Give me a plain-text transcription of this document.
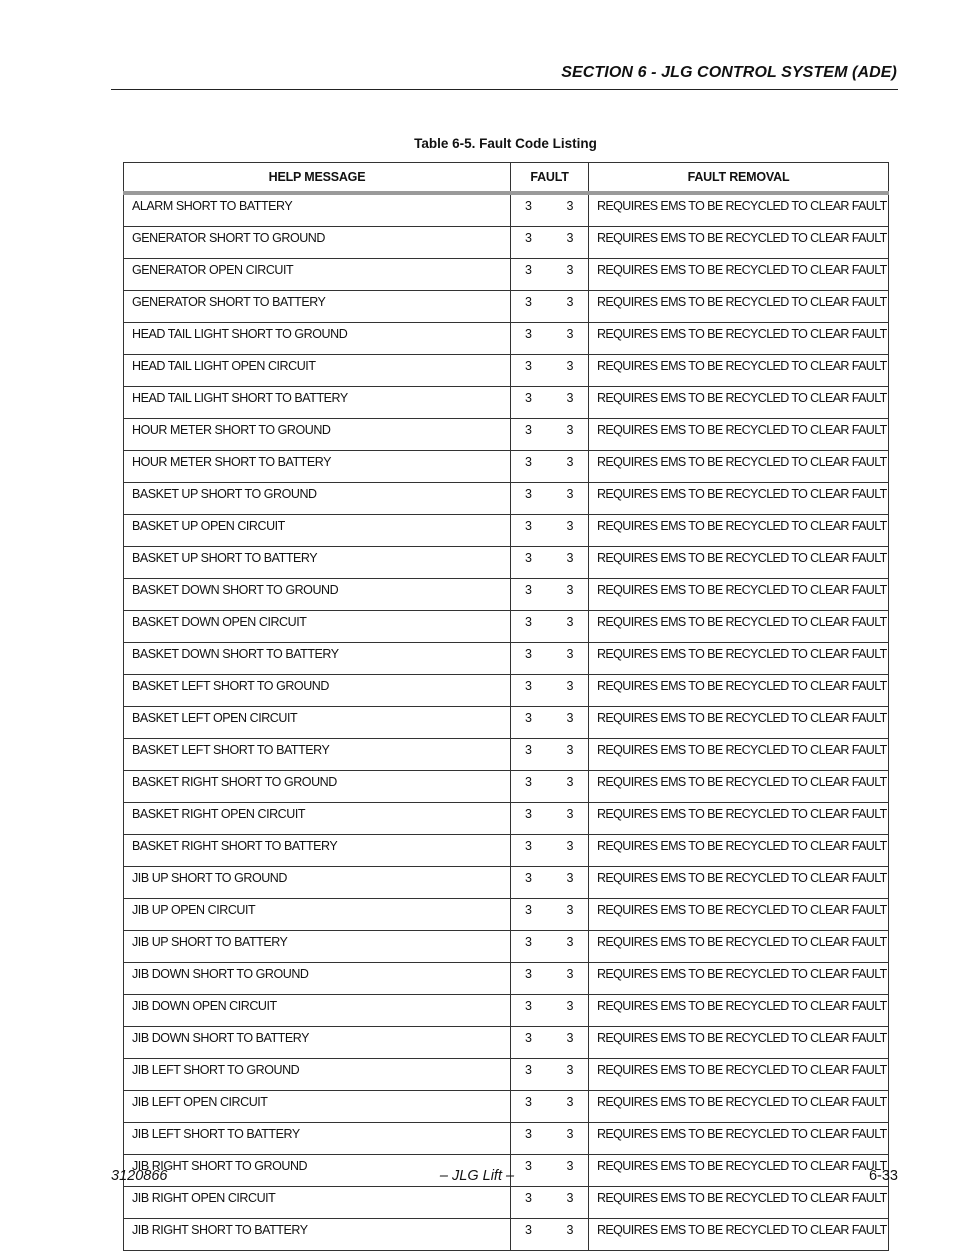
SECTION 6 - JLG CONTROL SYSTEM (ADE)
Table 6-5. Fault Code Listing
HELP MESSAGE	FAULT	FAULT REMOVAL
ALARM SHORT TO BATTERY	3 3	REQUIRES EMS TO BE RECYCLED TO CLEAR FAULT
GENERATOR SHORT TO GROUND	3 3	REQUIRES EMS TO BE RECYCLED TO CLEAR FAULT
GENERATOR OPEN CIRCUIT	3 3	REQUIRES EMS TO BE RECYCLED TO CLEAR FAULT
GENERATOR SHORT TO BATTERY	3 3	REQUIRES EMS TO BE RECYCLED TO CLEAR FAULT
HEAD TAIL LIGHT SHORT TO GROUND	3 3	REQUIRES EMS TO BE RECYCLED TO CLEAR FAULT
HEAD TAIL LIGHT OPEN CIRCUIT	3 3	REQUIRES EMS TO BE RECYCLED TO CLEAR FAULT
HEAD TAIL LIGHT SHORT TO BATTERY	3 3	REQUIRES EMS TO BE RECYCLED TO CLEAR FAULT
HOUR METER SHORT TO GROUND	3 3	REQUIRES EMS TO BE RECYCLED TO CLEAR FAULT
HOUR METER SHORT TO BATTERY	3 3	REQUIRES EMS TO BE RECYCLED TO CLEAR FAULT
BASKET UP SHORT TO GROUND	3 3	REQUIRES EMS TO BE RECYCLED TO CLEAR FAULT
BASKET UP OPEN CIRCUIT	3 3	REQUIRES EMS TO BE RECYCLED TO CLEAR FAULT
BASKET UP SHORT TO BATTERY	3 3	REQUIRES EMS TO BE RECYCLED TO CLEAR FAULT
BASKET DOWN SHORT TO GROUND	3 3	REQUIRES EMS TO BE RECYCLED TO CLEAR FAULT
BASKET DOWN OPEN CIRCUIT	3 3	REQUIRES EMS TO BE RECYCLED TO CLEAR FAULT
BASKET DOWN SHORT TO BATTERY	3 3	REQUIRES EMS TO BE RECYCLED TO CLEAR FAULT
BASKET LEFT SHORT TO GROUND	3 3	REQUIRES EMS TO BE RECYCLED TO CLEAR FAULT
BASKET LEFT OPEN CIRCUIT	3 3	REQUIRES EMS TO BE RECYCLED TO CLEAR FAULT
BASKET LEFT SHORT TO BATTERY	3 3	REQUIRES EMS TO BE RECYCLED TO CLEAR FAULT
BASKET RIGHT SHORT TO GROUND	3 3	REQUIRES EMS TO BE RECYCLED TO CLEAR FAULT
BASKET RIGHT OPEN CIRCUIT	3 3	REQUIRES EMS TO BE RECYCLED TO CLEAR FAULT
BASKET RIGHT SHORT TO BATTERY	3 3	REQUIRES EMS TO BE RECYCLED TO CLEAR FAULT
JIB UP SHORT TO GROUND	3 3	REQUIRES EMS TO BE RECYCLED TO CLEAR FAULT
JIB UP OPEN CIRCUIT	3 3	REQUIRES EMS TO BE RECYCLED TO CLEAR FAULT
JIB UP SHORT TO BATTERY	3 3	REQUIRES EMS TO BE RECYCLED TO CLEAR FAULT
JIB DOWN SHORT TO GROUND	3 3	REQUIRES EMS TO BE RECYCLED TO CLEAR FAULT
JIB DOWN OPEN CIRCUIT	3 3	REQUIRES EMS TO BE RECYCLED TO CLEAR FAULT
JIB DOWN SHORT TO BATTERY	3 3	REQUIRES EMS TO BE RECYCLED TO CLEAR FAULT
JIB LEFT SHORT TO GROUND	3 3	REQUIRES EMS TO BE RECYCLED TO CLEAR FAULT
JIB LEFT OPEN CIRCUIT	3 3	REQUIRES EMS TO BE RECYCLED TO CLEAR FAULT
JIB LEFT SHORT TO BATTERY	3 3	REQUIRES EMS TO BE RECYCLED TO CLEAR FAULT
JIB RIGHT SHORT TO GROUND	3 3	REQUIRES EMS TO BE RECYCLED TO CLEAR FAULT
JIB RIGHT OPEN CIRCUIT	3 3	REQUIRES EMS TO BE RECYCLED TO CLEAR FAULT
JIB RIGHT SHORT TO BATTERY	3 3	REQUIRES EMS TO BE RECYCLED TO CLEAR FAULT
3120866	– JLG Lift –	6-33
